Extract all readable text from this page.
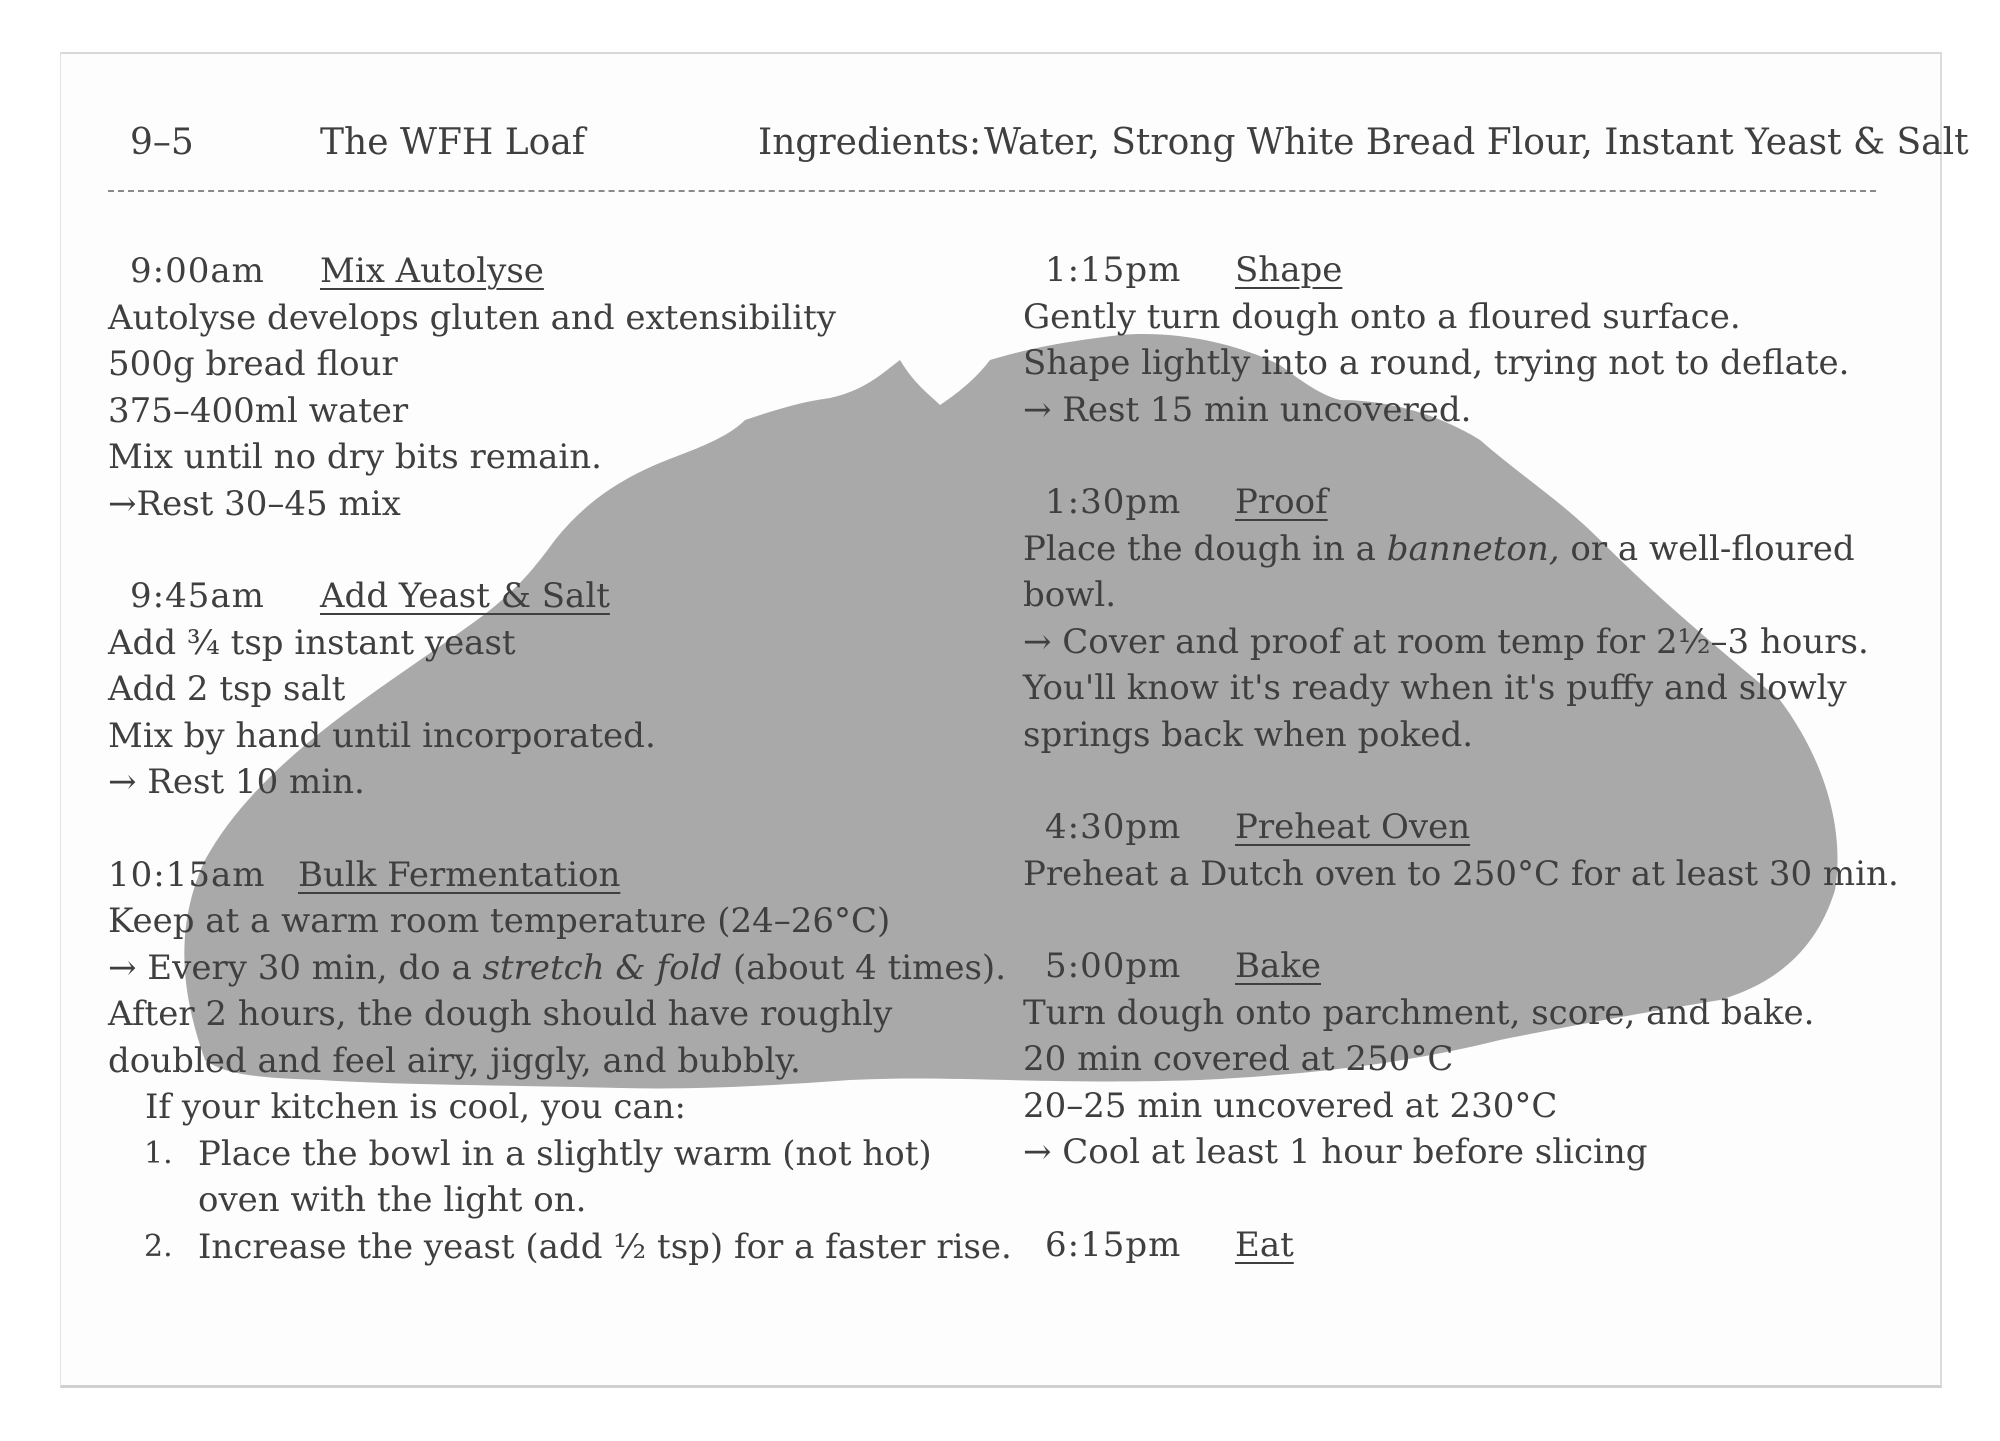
9–5	The WFH Loaf	Ingredients: Water, Strong White Bread Flour, Instant Yeast & Salt
9:00am Mix Autolyse
Autolyse develops gluten and extensibility
500g bread flour
375–400ml water
Mix until no dry bits remain.
→Rest 30–45 mix
9:45am Add Yeast & Salt
Add ¾ tsp instant yeast
Add 2 tsp salt
Mix by hand until incorporated.
→ Rest 10 min.
10:15am Bulk Fermentation
Keep at a warm room temperature (24–26°C)
→ Every 30 min, do a stretch & fold (about 4 times).
After 2 hours, the dough should have roughly
doubled and feel airy, jiggly, and bubbly.
If your kitchen is cool, you can:
1. Place the bowl in a slightly warm (not hot)
oven with the light on.
2. Increase the yeast (add ½ tsp) for a faster rise.
1:15pm Shape
Gently turn dough onto a floured surface.
Shape lightly into a round, trying not to deflate.
→ Rest 15 min uncovered.
1:30pm Proof
Place the dough in a banneton, or a well-floured
bowl.
→ Cover and proof at room temp for 2½–3 hours.
You'll know it's ready when it's puffy and slowly
springs back when poked.
4:30pm Preheat Oven
Preheat a Dutch oven to 250°C for at least 30 min.
5:00pm Bake
Turn dough onto parchment, score, and bake.
20 min covered at 250°C
20–25 min uncovered at 230°C
→ Cool at least 1 hour before slicing
6:15pm Eat
